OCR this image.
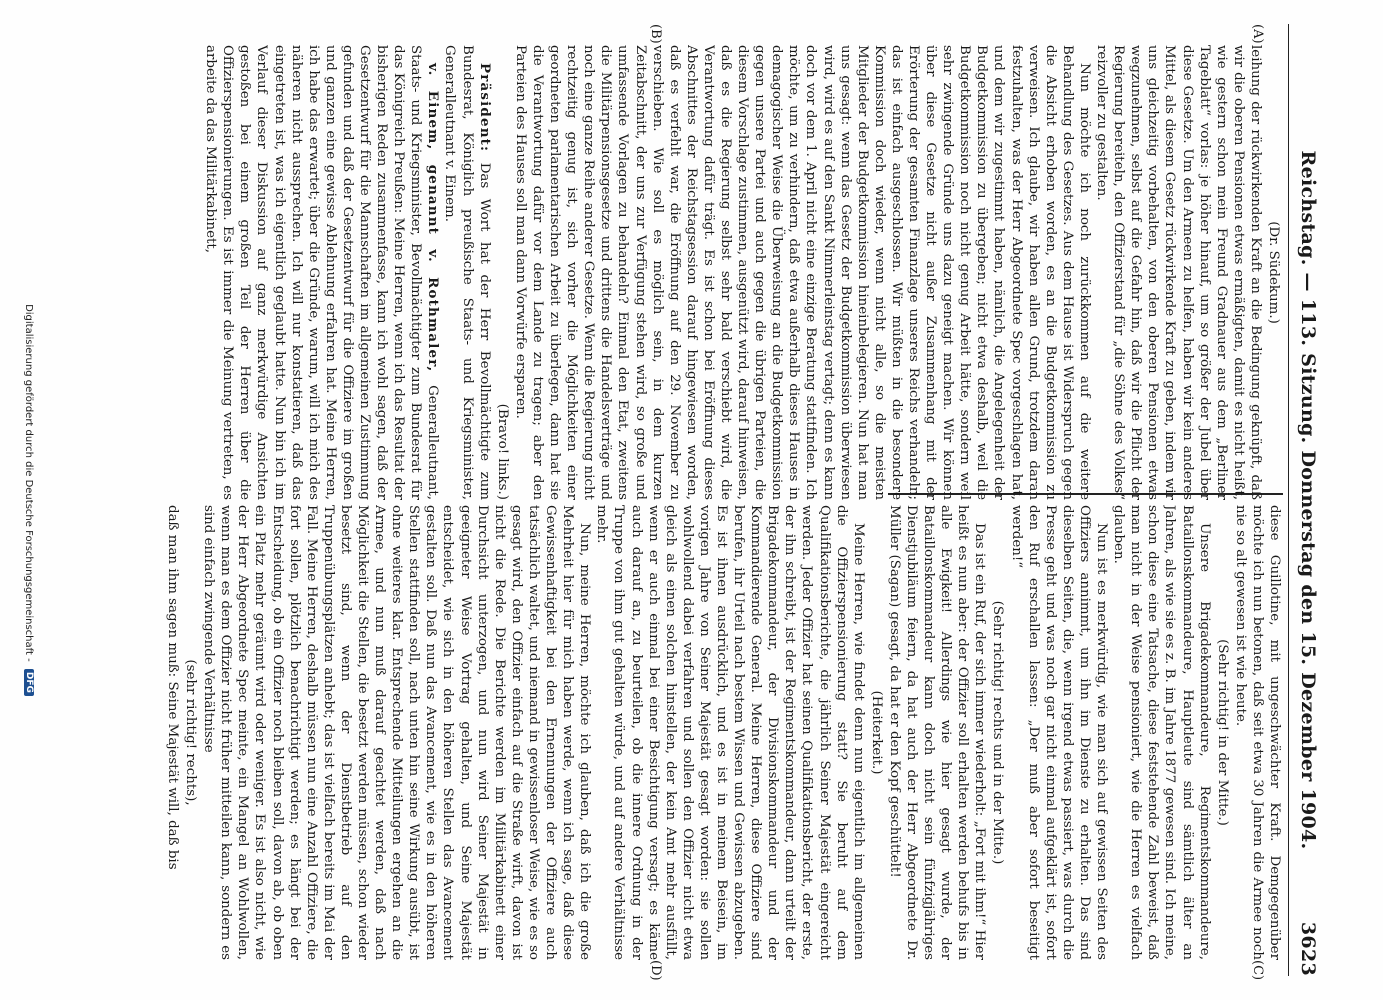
Reichstag. — 113. Sitzung. Donnerstag den 15. Dezember 1904.
3623
(A)
(B)
(C)
(D)

(Dr. Südekum.)

leihung der rückwirkenden Kraft an die Bedingung geknüpft, daß wir die oberen Pensionen etwas ermäßigten, damit es nicht heißt, wie gestern schon mein Freund Gradnauer aus dem „Berliner Tageblatt“ vorlas: je höher hinauf, um so größer der Jubel über diese Gesetze. Um den Armeen zu helfen, haben wir kein anderes Mittel, als diesem Gesetz rückwirkende Kraft zu geben, indem wir uns gleichzeitig vorbehalten, von den oberen Pensionen etwas wegzunehmen, selbst auf die Gefahr hin, daß wir die Pflicht der Regierung bereiteln, den Offizierstand für „die Söhne des Volkes“ reizvoller zu gestalten.

Nun möchte ich noch zurückkommen auf die weitere Behandlung des Gesetzes. Aus dem Hause ist Widerspruch gegen die Absicht erhoben worden, es an die Budgetkommission zu verweisen. Ich glaube, wir haben allen Grund, trotzdem daran festzuhalten, was der Herr Abgeordnete Spec vorgeschlagen hat, und dem wir zugestimmt haben, nämlich, die Angelegenheit der Budgetkommission zu übergeben; nicht etwa deshalb, weil die Budgetkommission noch nicht genug Arbeit hätte, sondern weil sehr zwingende Gründe uns dazu geneigt machen. Wir können über diese Gesetze nicht außer Zusammenhang mit der Erörterung der gesamten Finanzlage unseres Reichs verhandeln; das ist einfach ausgeschlossen. Wir müßten in die besondere Kommission doch wieder, wenn nicht alle, so die meisten Mitglieder der Budgetkommission hineinbelegieren. Nun hat man uns gesagt: wenn das Gesetz der Budgetkommission überwiesen wird, wird es auf den Sankt Nimmerleinstag vertagt; denn es kann doch vor dem 1. April nicht eine einzige Beratung stattfinden. Ich möchte, um zu verhindern, daß etwa außerhalb dieses Hauses in demagogischer Weise die Überweisung an die Budgetkommission gegen unsere Partei und auch gegen die übrigen Parteien, die diesem Vorschlage zustimmen, ausgenützt wird, darauf hinweisen, daß es die Regierung selbst sehr bald verschiebt wird, die Verantwortung dafür trägt. Es ist schon bei Eröffnung dieses Abschnittes der Reichstagsession darauf hingewiesen worden, daß es verfehlt war, die Eröffnung auf den 29. November zu verschieben. Wie soll es möglich sein, in dem kurzen Zeitabschnitt, der uns zur Verfügung stehen wird, so große und umfassende Vorlagen zu behandeln? Einmal den Etat, zweitens die Militärpensionsgesetze und drittens die Handelsverträge und noch eine ganze Reihe anderer Gesetze. Wenn die Regierung nicht rechtzeitig genug ist, sich vorher die Möglichkeiten einer geordneten parlamentarischen Arbeit zu überlegen, dann hat sie die Verantwortung dafür vor dem Lande zu tragen; aber den Parteien des Hauses soll man dann Vorwürfe ersparen.

(Bravo! links.)

Präsident: Das Wort hat der Herr Bevollmächtigte zum Bundesrat, Königlich preußische Staats- und Kriegsminister, Generalleutnant v. Einem.

v. Einem, genannt v. Rothmaler, Generalleutnant, Staats- und Kriegsminister, Bevollmächtigter zum Bundesrat für das Königreich Preußen: Meine Herren, wenn ich das Resultat der bisherigen Reden zusammenfasse, kann ich wohl sagen, daß der Gesetzentwurf für die Mannschaften im allgemeinen Zustimmung gefunden und daß der Gesetzentwurf für die Offiziere im großen und ganzen eine gewisse Ablehnung erfahren hat. Meine Herren, ich habe das erwartet; über die Gründe, warum, will ich mich des näheren nicht aussprechen. Ich will nur konstatieren, daß das eingetreten ist, was ich eigentlich geglaubt hatte. Nun bin ich im Verlauf dieser Diskussion auf ganz merkwürdige Ansichten gestoßen bei einem großen Teil der Herren über die Offizierspensionierungen. Es ist immer die Meinung vertreten, es arbeite da das Militärkabinett,

diese Guillotine, mit ungeschwächter Kraft. Demgegenüber möchte ich nun betonen, daß seit etwa 30 Jahren die Armee noch nie so alt gewesen ist wie heute.

(Sehr richtig! in der Mitte.)

Unsere Brigadekommandeure, Regimentskommandeure, Bataillonskommandeure, Hauptleute sind sämtlich älter an Jahren, als wie sie es z. B. im Jahre 1877 gewesen sind. Ich meine, schon diese eine Tatsache, diese feststehende Zahl beweist, daß man nicht in der Weise pensioniert, wie die Herren es vielfach glauben.

Nun ist es merkwürdig, wie man sich auf gewissen Seiten des Offiziers annimmt, um ihn im Dienste zu erhalten. Das sind dieselben Seiten, die, wenn irgend etwas passiert, was durch die Presse geht und was noch gar nicht einmal aufgeklärt ist, sofort den Ruf erschallen lassen: „Der muß aber sofort beseitigt werden!“

(Sehr richtig! rechts und in der Mitte.)

Das ist ein Ruf, der sich immer wiederholt: „Fort mit ihm!“ Hier heißt es nun aber: der Offizier soll erhalten werden behufs bis in alle Ewigkeit! Allerdings wie hier gesagt wurde, der Bataillonskommandeur kann doch nicht sein fünfzigjähriges Dienstjubiläum feiern, da hat auch der Herr Abgeordnete Dr. Müller (Sagan) gesagt, da hat er den Kopf geschüttelt!

(Heiterkeit.)

Meine Herren, wie findet denn nun eigentlich im allgemeinen die Offizierspensionierung statt? Sie beruht auf dem Qualifikationsberichte, die jährlich Seiner Majestät eingereicht werden. Jeder Offizier hat seinen Qualifikationsbericht, der erste, der ihn schreibt, ist der Regimentskommandeur, dann urteilt der Brigadekommandeur, der Divisionskommandeur und der Kommandierende General. Meine Herren, diese Offiziere sind berufen, ihr Urteil nach bestem Wissen und Gewissen abzugeben. Es ist ihnen ausdrücklich, und es ist in meinem Beisein, im vorigen Jahre von Seiner Majestät gesagt worden: sie sollen wohlwollend dabei verfahren und sollen den Offizier nicht etwa gleich als einen solchen hinstellen, der kein Amt mehr ausfüllt, wenn er auch einmal bei einer Besichtigung versagt; es käme auch darauf an, zu beurteilen, ob die innere Ordnung in der Truppe von ihm gut gehalten würde, und auf andere Verhältnisse mehr.

Nun, meine Herren, möchte ich glauben, daß ich die große Mehrheit hier für mich haben werde, wenn ich sage, daß diese Gewissenhaftigkeit bei den Ernennungen der Offiziere auch tatsächlich waltet, und niemand in gewissenloser Weise, wie es so gesagt wird, den Offizier einfach auf die Straße wirft, davon ist nicht die Rede. Die Berichte werden im Militärkabinett einer Durchsicht unterzogen, und nun wird Seiner Majestät in geeigneter Weise Vortrag gehalten, und Seine Majestät entscheidet, wie sich in den höheren Stellen das Avancement gestalten soll. Daß nun das Avancement, wie es in den höheren Stellen stattfinden soll, nach unten hin seine Wirkung ausübt, ist ohne weiteres klar. Entsprechende Mitteilungen ergehen an die Armee, und nun muß darauf geachtet werden, daß nach Möglichkeit die Stellen, die besetzt werden müssen, schon wieder besetzt sind, wenn der Dienstbetrieb auf den Truppenübungsplätzen anhebt; das ist vielfach bereits im Mai der Fall. Meine Herren, deshalb müssen nun eine Anzahl Offiziere, die fort sollen, plötzlich benachrichtigt werden; es hängt bei der Entscheidung, ob ein Offizier noch bleiben soll, davon ab, ob oben ein Platz mehr geräumt wird oder weniger. Es ist also nicht, wie der Herr Abgeordnete Spec meinte, ein Mangel an Wohlwollen, wenn man es dem Offizier nicht früher mitteilen kann, sondern es sind einfach zwingende Verhältnisse

(sehr richtig! rechts),

daß man ihm sagen muß: Seine Majestät will, daß bis

Digitalisierung gefördert durch die Deutsche Forschungsgemeinschaft - DFG
